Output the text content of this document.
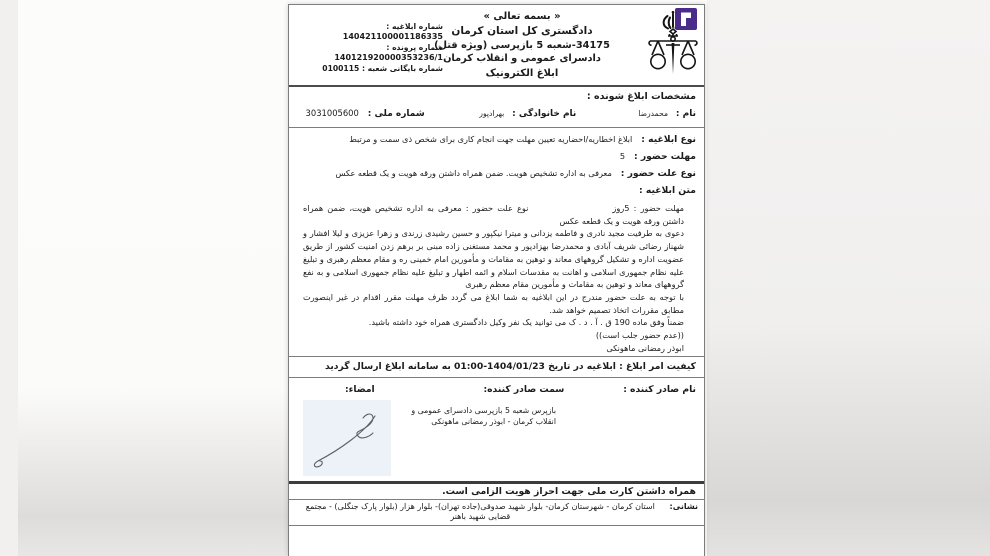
« بسمه تعالی »
دادگستری کل استان کرمان
34175-شعبه 5 بازپرسی (ویژه قتل) دادسرای عمومی و انقلاب کرمان
ابلاغ الکترونیک
شماره ابلاغیه :
140421100001186335
شماره پرونده :
140121920000353236/1
شماره بایگانی شعبه : 0100115
مشخصات ابلاغ شونده :
نام : محمدرضا
نام خانوادگی : بهرادپور
شماره ملی : 3031005600
نوع ابلاغیه : ابلاغ اخطاریه/احضاریه تعیین مهلت جهت انجام کاری برای شخص ذی سمت و مرتبط
مهلت حضور : 5
نوع علت حضور : معرفی به اداره تشخیص هویت. ضمن همراه داشتن ورقه هویت و یک قطعه عکس
متن ابلاغیه :

مهلت حضور : 5روزنوع علت حضور : معرفی به اداره تشخیص هویت، ضمن همراه داشتن ورقه هویت و یک قطعه عکس

دعوی به طرفیت مجید نادری و فاطمه یزدانی و میترا نیکپور و حسین رشیدی زرندی و زهرا عزیزی و لیلا افشار و شهناز رضائی شریف آبادی و محمدرضا بهزادپور و محمد مستغنی زاده مبنی بر برهم زدن امنیت کشور از طریق عضویت اداره و تشکیل گروههای معاند و توهین به مقامات و مأمورین امام خمینی ره و مقام معظم رهبری و تبلیغ علیه نظام جمهوری اسلامی و اهانت به مقدسات اسلام و ائمه اطهار و تبلیغ علیه نظام جمهوری اسلامی و به نفع گروههای معاند و توهین به مقامات و مأمورین مقام معظم رهبری

با توجه به علت حضور مندرج در این ابلاغیه به شما ابلاغ می گردد ظرف مهلت مقرر اقدام در غیر اینصورت مطابق مقررات اتخاذ تصمیم خواهد شد.

ضمناً وفق ماده 190 ق . آ . د . ک می توانید یک نفر وکیل دادگستری همراه خود داشته باشید.

((عدم حضور جلب است))

ابوذر رمضانی ماهونکی

کیفیت امر ابلاغ : ابلاغیه در تاریخ 1404/01/23-01:00 به سامانه ابلاغ ارسال گردید
نام صادر کننده :
سمت صادر کننده:
امضاء:
بازپرس شعبه 5 بازپرسی دادسرای عمومی و انقلاب کرمان - ابوذر رمضانی ماهونکی
همراه داشتن کارت ملی جهت احراز هویت الزامی است.
نشانی:
استان کرمان - شهرستان کرمان- بلوار شهید صدوقی(جاده تهران)- بلوار هزار (بلوار پارک جنگلی) - مجتمع قضایی شهید باهنر
